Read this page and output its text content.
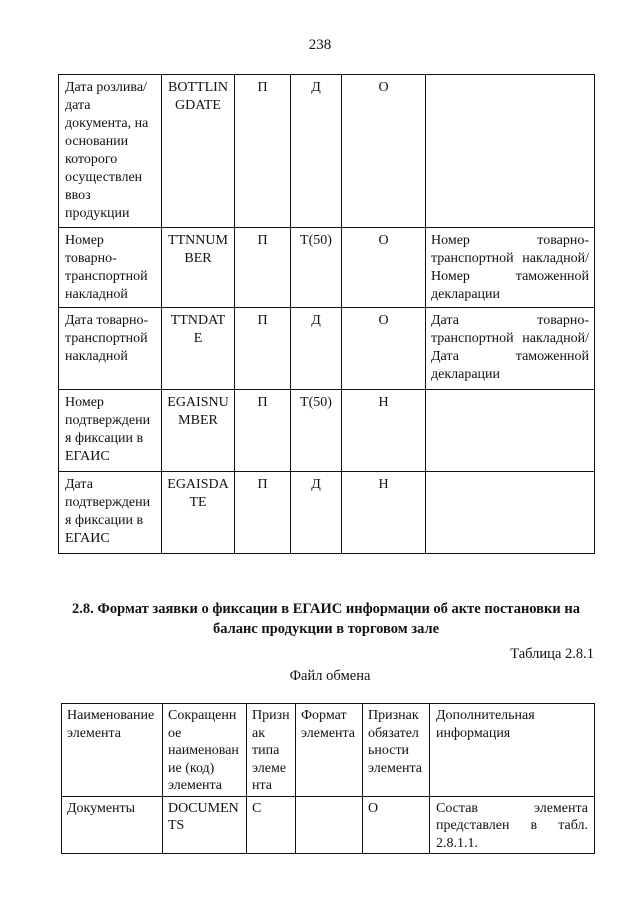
238
Дата розлива/дата документа, на основании которого осуществлен ввоз продукции	BOTTLINGDATE	П	Д	О	
Номер товарно-транспортной накладной	TTNNUMBER	П	Т(50)	О	Номер товарно-транспортной накладной/Номер таможенной декларации
Дата товарно-транспортной накладной	TTNDATE	П	Д	О	Дата товарно-транспортной накладной/ Дата таможенной декларации
Номер подтверждения фиксации в ЕГАИС	EGAISNUMBER	П	Т(50)	Н	
Дата подтверждения фиксации в ЕГАИС	EGAISDATE	П	Д	Н	
2.8. Формат заявки о фиксации в ЕГАИС информации об акте постановки на баланс продукции в торговом зале
Таблица 2.8.1
Файл обмена
Наименование элемента	Сокращенное наименование (код) элемента	Признак типа элемента	Формат элемента	Признак обязательности элемента	Дополнительная информация
Документы	DOCUMENTS	С		О	Состав элемента представлен в табл. 2.8.1.1.
